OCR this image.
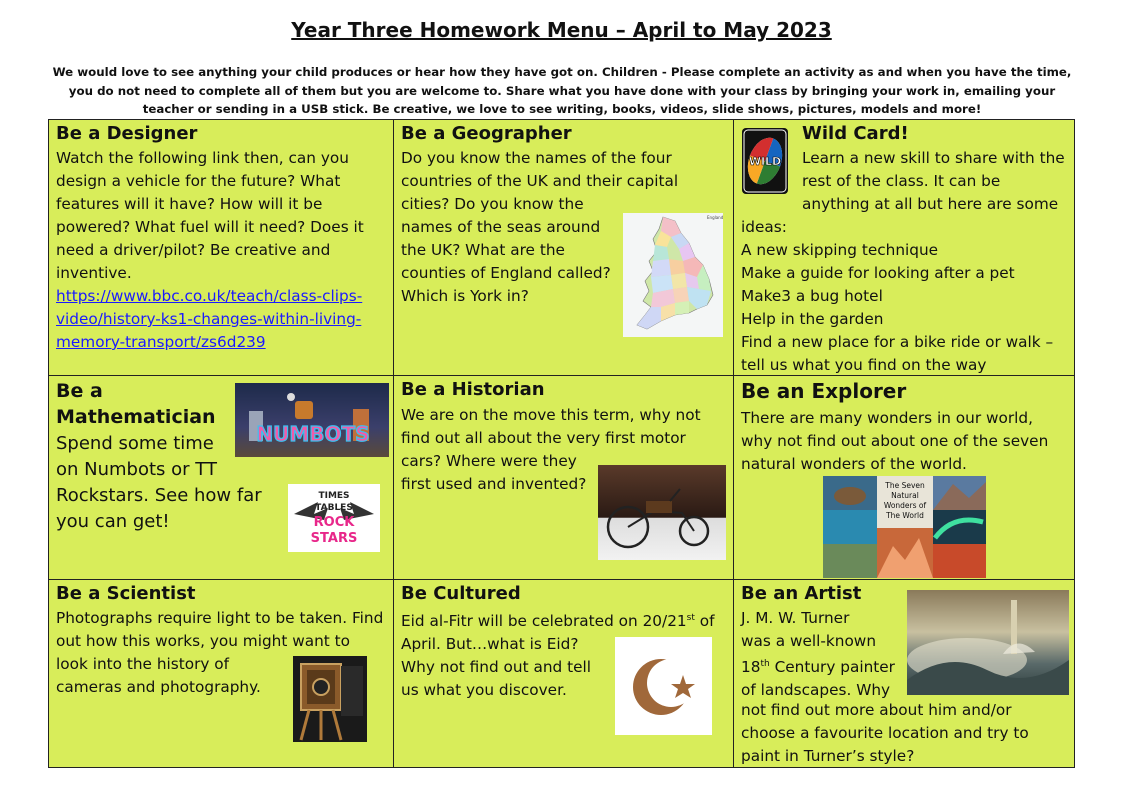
Year Three Homework Menu – April to May 2023
We would love to see anything your child produces or hear how they have got on. Children - Please complete an activity as and when you have the time, you do not need to complete all of them but you are welcome to. Share what you have done with your class by bringing your work in, emailing your teacher or sending in a USB stick. Be creative, we love to see writing, books, videos, slide shows, pictures, models and more!
Be a Designer
Watch the following link then, can you
design a vehicle for the future? What
features will it have? How will it be
powered? What fuel will it need? Does it
need a driver/pilot? Be creative and
inventive.
https://www.bbc.co.uk/teach/class-clips-
video/history-ks1-changes-within-living-
memory-transport/zs6d239
Be a Geographer
Do you know the names of the four
countries of the UK and their capital
cities? Do you know the
names of the seas around
the UK? What are the
counties of England called?
Which is York in?
England
WILD
Wild Card!
Learn a new skill to share with the
rest of the class. It can be
anything at all but here are some
ideas:
A new skipping technique
Make a guide for looking after a pet
Make3 a bug hotel
Help in the garden
Find a new place for a bike ride or walk –
tell us what you find on the way
Be a
Mathematician
Spend some time
on Numbots or TT
Rockstars. See how far
you can get!
NUMBOTS
TIMES
TABLES
ROCK
STARS
Be a Historian
We are on the move this term, why not
find out all about the very first motor
cars? Where were they
first used and invented?
Be an Explorer
There are many wonders in our world,
why not find out about one of the seven
natural wonders of the world.
The Seven
Natural
Wonders of
The World
Be a Scientist
Photographs require light to be taken. Find
out how this works, you might want to
look into the history of
cameras and photography.
Be Cultured
Eid al-Fitr will be celebrated on 20/21st of
April. But…what is Eid?
Why not find out and tell
us what you discover.
Be an Artist
J. M. W. Turner
was a well-known
18th Century painter
of landscapes. Why
not find out more about him and/or
choose a favourite location and try to
paint in Turner’s style?
